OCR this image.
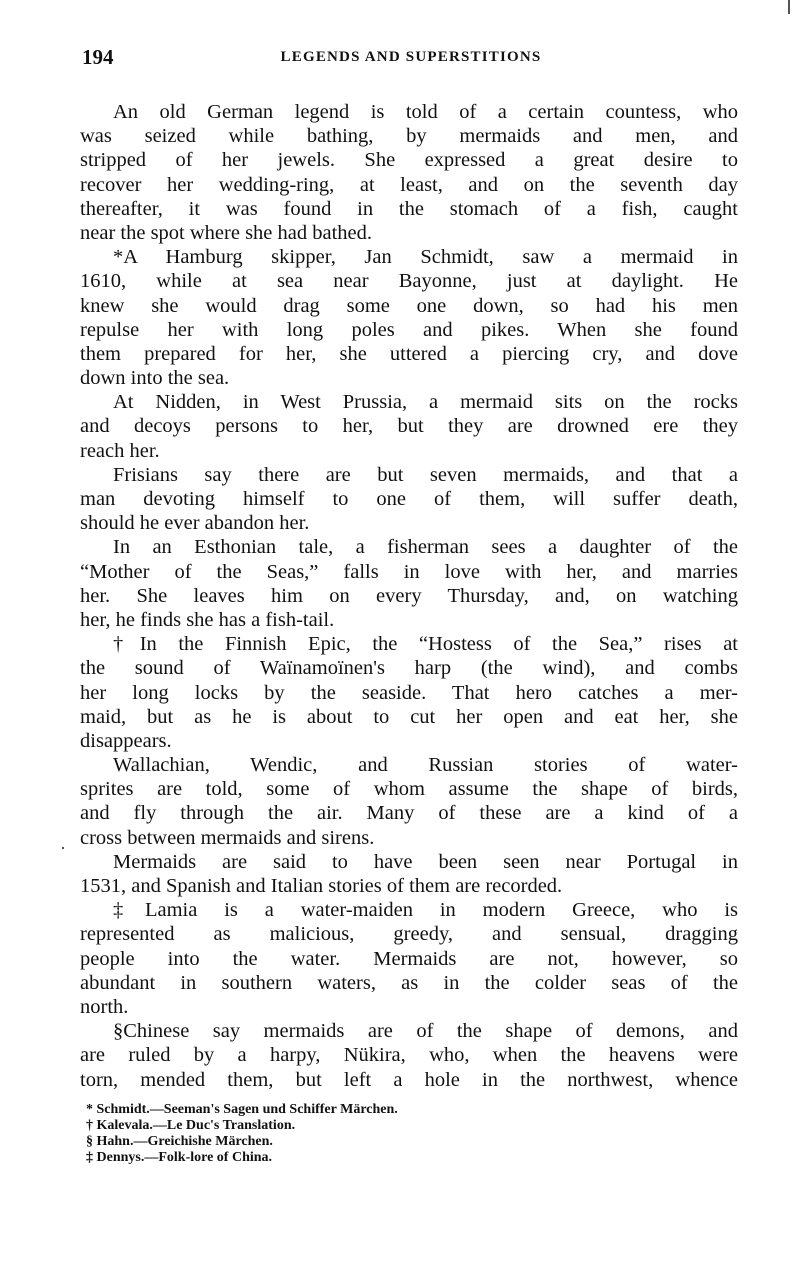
194	LEGENDS AND SUPERSTITIONS
An old German legend is told of a certain countess, who
was seized while bathing, by mermaids and men, and
stripped of her jewels. She expressed a great desire to
recover her wedding-ring, at least, and on the seventh day
thereafter, it was found in the stomach of a fish, caught
near the spot where she had bathed.
*A Hamburg skipper, Jan Schmidt, saw a mermaid in
1610, while at sea near Bayonne, just at daylight. He
knew she would drag some one down, so had his men
repulse her with long poles and pikes. When she found
them prepared for her, she uttered a piercing cry, and dove
down into the sea.
At Nidden, in West Prussia, a mermaid sits on the rocks
and decoys persons to her, but they are drowned ere they
reach her.
Frisians say there are but seven mermaids, and that a
man devoting himself to one of them, will suffer death,
should he ever abandon her.
In an Esthonian tale, a fisherman sees a daughter of the
“Mother of the Seas,” falls in love with her, and marries
her. She leaves him on every Thursday, and, on watching
her, he finds she has a fish-tail.
†In the Finnish Epic, the “Hostess of the Sea,” rises at
the sound of Waïnamoïnen's harp (the wind), and combs
her long locks by the seaside. That hero catches a mer-
maid, but as he is about to cut her open and eat her, she
disappears.
Wallachian, Wendic, and Russian stories of water-
sprites are told, some of whom assume the shape of birds,
and fly through the air. Many of these are a kind of a
cross between mermaids and sirens.
Mermaids are said to have been seen near Portugal in
1531, and Spanish and Italian stories of them are recorded.
‡Lamia is a water-maiden in modern Greece, who is
represented as malicious, greedy, and sensual, dragging
people into the water. Mermaids are not, however, so
abundant in southern waters, as in the colder seas of the
north.
§Chinese say mermaids are of the shape of demons, and
are ruled by a harpy, Nükira, who, when the heavens were
torn, mended them, but left a hole in the northwest, whence
* Schmidt.—Seeman's Sagen und Schiffer Märchen.
† Kalevala.—Le Duc's Translation.
§ Hahn.—Greichishe Märchen.
‡ Dennys.—Folk-lore of China.
